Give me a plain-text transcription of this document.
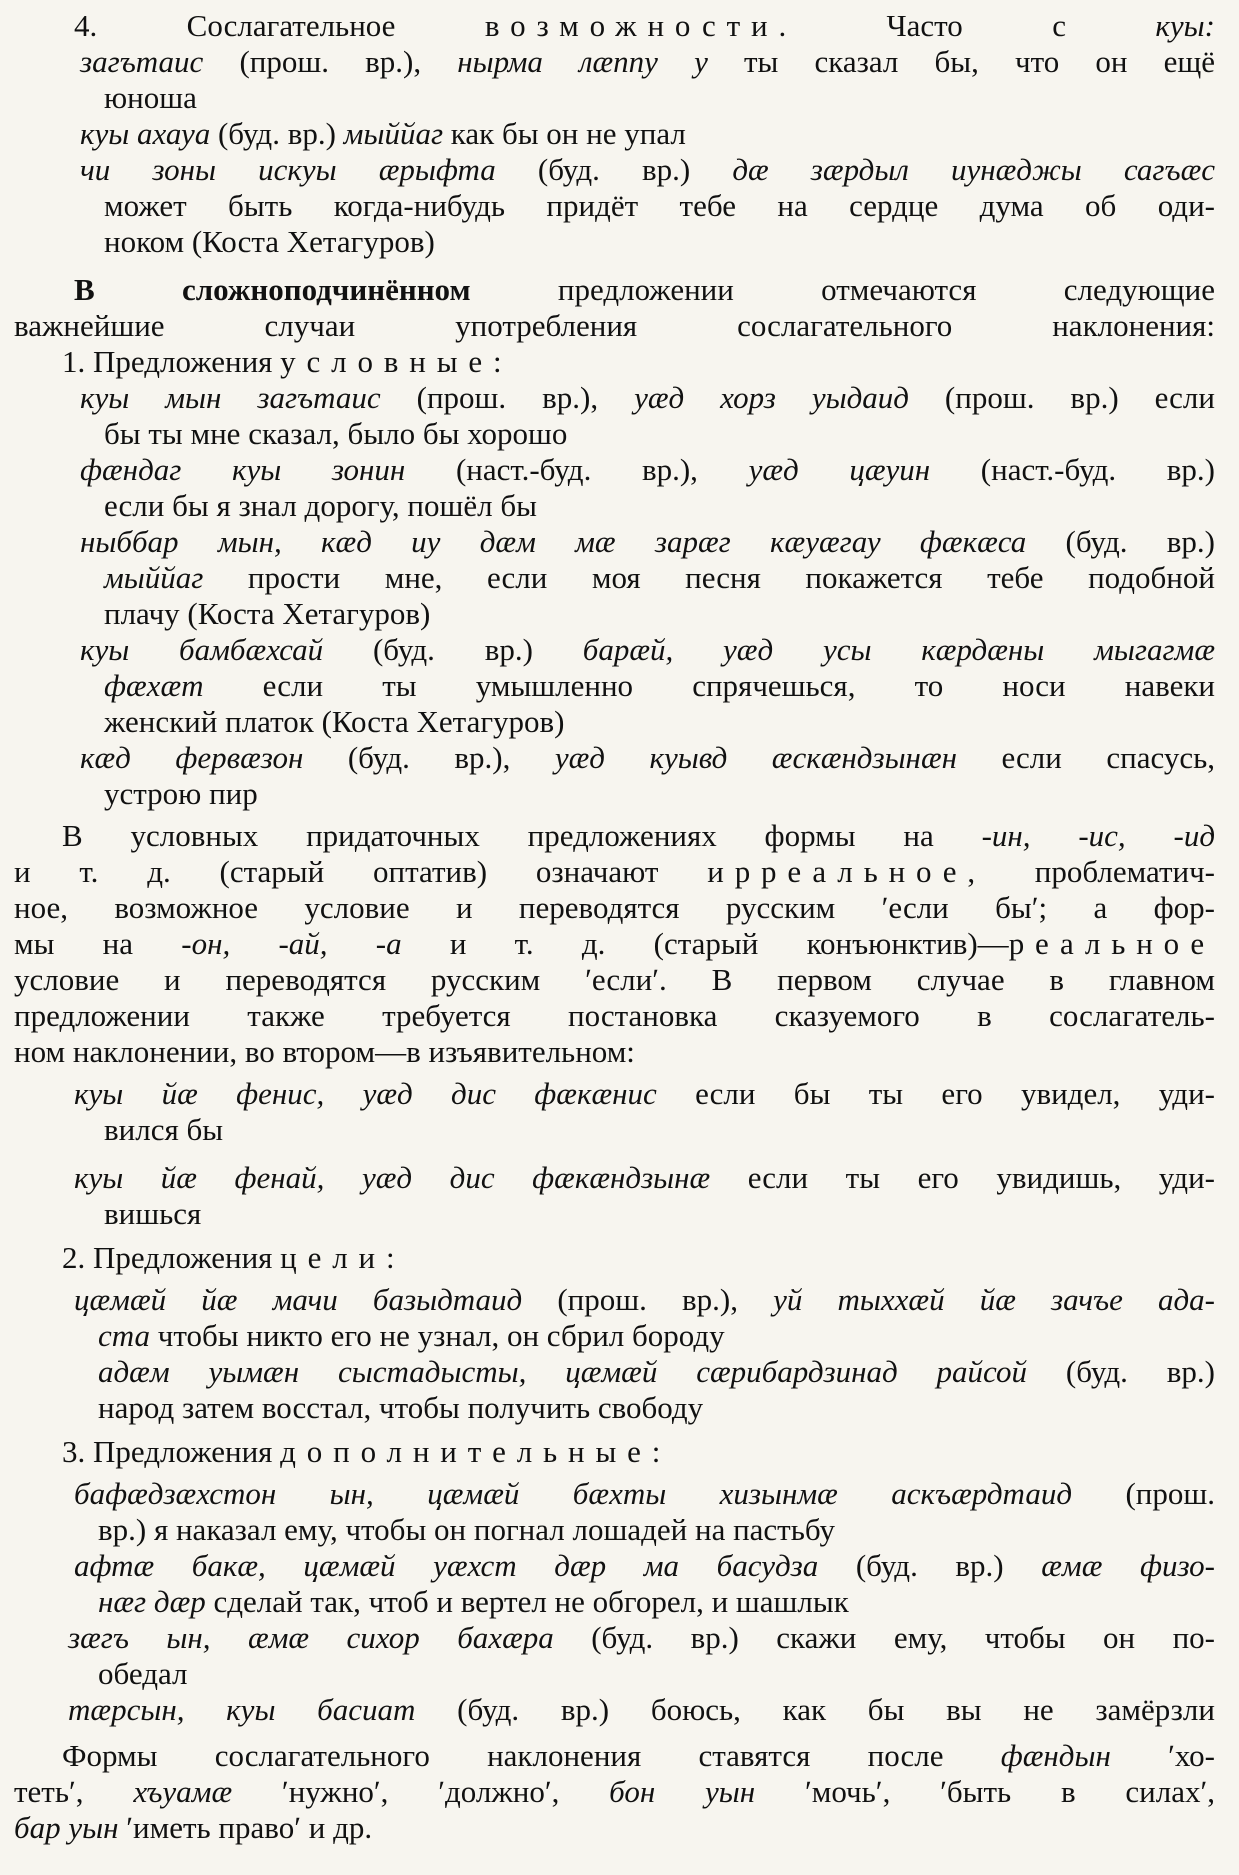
4. Сослагательное возможности. Часто с куы:
загътаис (прош. вр.), нырма лæппу у ты сказал бы, что он ещё
юноша
куы ахауа (буд. вр.) мыййаг как бы он не упал
чи зоны искуы æрыфта (буд. вр.) дæ зæрдыл иунæджы сагъæс
может быть когда-нибудь придёт тебе на сердце дума об оди-
ноком (Коста Хетагуров)
В сложноподчинённом предложении отмечаются следующие
важнейшие случаи употребления сослагательного наклонения:
1. Предложения условные:
куы мын загътаис (прош. вр.), уæд хорз уыдаид (прош. вр.) если
бы ты мне сказал, было бы хорошо
фæндаг куы зонин (наст.-буд. вр.), уæд цæуин (наст.-буд. вр.)
если бы я знал дорогу, пошёл бы
ныббар мын, кæд иу дæм мæ зарæг кæуæгау фæкæса (буд. вр.)
мыййаг прости мне, если моя песня покажется тебе подобной
плачу (Коста Хетагуров)
куы бамбæхсай (буд. вр.) барæй, уæд усы кæрдæны мыгагмæ
фæхæт если ты умышленно спрячешься, то носи навеки
женский платок (Коста Хетагуров)
кæд фервæзон (буд. вр.), уæд куывд æскæндзынæн если спасусь,
устрою пир
В условных придаточных предложениях формы на -ин, -ис, -ид
и т. д. (старый оптатив) означают ирреальное, проблематич-
ное, возможное условие и переводятся русским ʹесли быʹ; а фор-
мы на -он, -ай, -а и т. д. (старый конъюнктив)—реальное
условие и переводятся русским ʹеслиʹ. В первом случае в главном
предложении также требуется постановка сказуемого в сослагатель-
ном наклонении, во втором—в изъявительном:
куы йæ фенис, уæд дис фæкæнис если бы ты его увидел, уди-
вился бы
куы йæ фенай, уæд дис фæкæндзынæ если ты его увидишь, уди-
вишься
2. Предложения цели:
цæмæй йæ мачи базыдтаид (прош. вр.), уй тыххæй йæ зачъе ада-
ста чтобы никто его не узнал, он сбрил бороду
адæм уымæн сыстадысты, цæмæй сæрибардзинад райсой (буд. вр.)
народ затем восстал, чтобы получить свободу
3. Предложения дополнительные:
бафæдзæхстон ын, цæмæй бæхты хизынмæ аскъæрдтаид (прош.
вр.) я наказал ему, чтобы он погнал лошадей на пастьбу
афтæ бакæ, цæмæй уæхст дæр ма басудза (буд. вр.) æмæ физо-
нæг дæр сделай так, чтоб и вертел не обгорел, и шашлык
зæгъ ын, æмæ сихор бахæра (буд. вр.) скажи ему, чтобы он по-
обедал
тæрсын, куы басиат (буд. вр.) боюсь, как бы вы не замёрзли
Формы сослагательного наклонения ставятся после фæндын ʹхо-
тетьʹ, хъуамæ ʹнужноʹ, ʹдолжноʹ, бон уын ʹмочьʹ, ʹбыть в силахʹ,
бар уын ʹиметь правоʹ и др.
